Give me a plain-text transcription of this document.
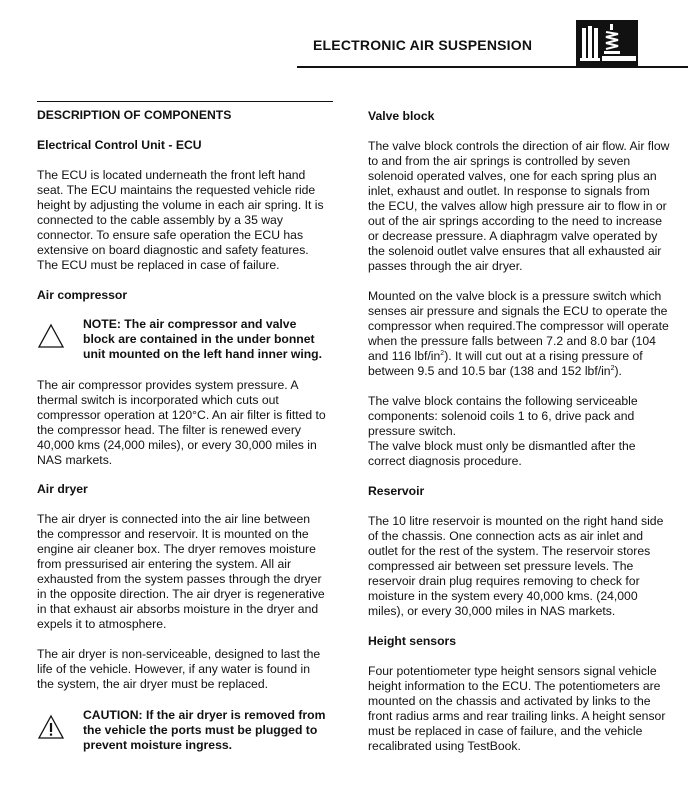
ELECTRONIC AIR SUSPENSION
DESCRIPTION OF COMPONENTS

Electrical Control Unit - ECU

The ECU is located underneath the front left hand seat. The ECU maintains the requested vehicle ride height by adjusting the volume in each air spring. It is connected to the cable assembly by a 35 way connector. To ensure safe operation the ECU has extensive on board diagnostic and safety features. The ECU must be replaced in case of failure.

Air compressor

NOTE: The air compressor and valve block are contained in the under bonnet unit mounted on the left hand inner wing.

The air compressor provides system pressure. A thermal switch is incorporated which cuts out compressor operation at 120°C. An air filter is fitted to the compressor head. The filter is renewed every 40,000 kms (24,000 miles), or every 30,000 miles in NAS markets.

Air dryer

The air dryer is connected into the air line between the compressor and reservoir. It is mounted on the engine air cleaner box. The dryer removes moisture from pressurised air entering the system. All air exhausted from the system passes through the dryer in the opposite direction. The air dryer is regenerative in that exhaust air absorbs moisture in the dryer and expels it to atmosphere.

The air dryer is non-serviceable, designed to last the life of the vehicle. However, if any water is found in the system, the air dryer must be replaced.

CAUTION: If the air dryer is removed from the vehicle the ports must be plugged to prevent moisture ingress.

Valve block

The valve block controls the direction of air flow. Air flow to and from the air springs is controlled by seven solenoid operated valves, one for each spring plus an inlet, exhaust and outlet. In response to signals from the ECU, the valves allow high pressure air to flow in or out of the air springs according to the need to increase or decrease pressure. A diaphragm valve operated by the solenoid outlet valve ensures that all exhausted air passes through the air dryer.

Mounted on the valve block is a pressure switch which senses air pressure and signals the ECU to operate the compressor when required.The compressor will operate when the pressure falls between 7.2 and 8.0 bar (104 and 116 lbf/$in^2$). It will cut out at a rising pressure of between 9.5 and 10.5 bar (138 and 152 lbf/$in^2$).

The valve block contains the following serviceable components: solenoid coils 1 to 6, drive pack and pressure switch.

The valve block must only be dismantled after the correct diagnosis procedure.

Reservoir

The 10 litre reservoir is mounted on the right hand side of the chassis. One connection acts as air inlet and outlet for the rest of the system. The reservoir stores compressed air between set pressure levels. The reservoir drain plug requires removing to check for moisture in the system every 40,000 kms. (24,000 miles), or every 30,000 miles in NAS markets.

Height sensors

Four potentiometer type height sensors signal vehicle height information to the ECU. The potentiometers are mounted on the chassis and activated by links to the front radius arms and rear trailing links. A height sensor must be replaced in case of failure, and the vehicle recalibrated using TestBook.
